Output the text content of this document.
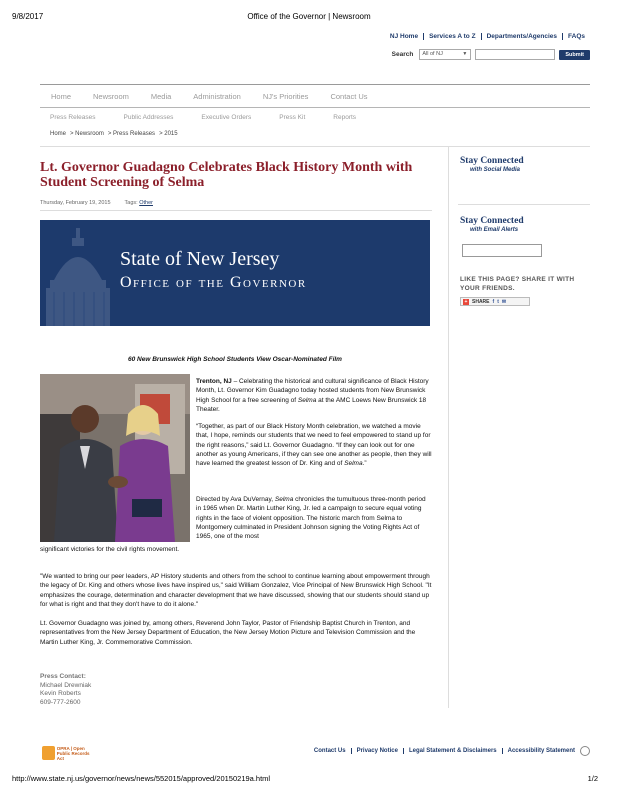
9/8/2017	Office of the Governor | Newsroom
NJ Home	Services A to Z	Departments/Agencies	FAQs
Search	All of NJ	▼	Submit
Home	Newsroom	Media	Administration	NJ's Priorities	Contact Us
Press Releases	Public Addresses	Executive Orders	Press Kit	Reports
Home > Newsroom > Press Releases > 2015
Lt. Governor Guadagno Celebrates Black History Month with Student Screening of Selma
Thursday, February 19, 2015	Tags: Other
State of New Jersey
Office of the Governor
60 New Brunswick High School Students View Oscar-Nominated Film
Trenton, NJ – Celebrating the historical and cultural significance of Black History Month, Lt. Governor Kim Guadagno today hosted students from New Brunswick High School for a free screening of Selma at the AMC Loews New Brunswick 18 Theater.
“Together, as part of our Black History Month celebration, we watched a movie that, I hope, reminds our students that we need to feel empowered to stand up for the right reasons,” said Lt. Governor Guadagno. “If they can look out for one another as young Americans, if they can see one another as people, then they will have learned the greatest lesson of Dr. King and of Selma.”
Directed by Ava DuVernay, Selma chronicles the tumultuous three-month period in 1965 when Dr. Martin Luther King, Jr. led a campaign to secure equal voting rights in the face of violent opposition. The historic march from Selma to Montgomery culminated in President Johnson signing the Voting Rights Act of 1965, one of the most
significant victories for the civil rights movement.
"We wanted to bring our peer leaders, AP History students and others from the school to continue learning about empowerment through the legacy of Dr. King and others whose lives have inspired us," said William Gonzalez, Vice Principal of New Brunswick High School. "It emphasizes the courage, determination and character development that we have discussed, showing that our students should stand up for what is right and that they don't have to do it alone."
Lt. Governor Guadagno was joined by, among others, Reverend John Taylor, Pastor of Friendship Baptist Church in Trenton, and representatives from the New Jersey Department of Education, the New Jersey Motion Picture and Television Commission and the Martin Luther King, Jr. Commemorative Commission.
Press Contact:
Michael Drewniak
Kevin Roberts
609-777-2600
Stay Connected
with Social Media
Stay Connected
with Email Alerts
LIKE THIS PAGE? SHARE IT WITH YOUR FRIENDS.
+ SHARE f t ✉
OPRA | Open
Public Records Act
Contact Us	Privacy Notice	Legal Statement & Disclaimers	Accessibility Statement
http://www.state.nj.us/governor/news/news/552015/approved/20150219a.html	1/2
